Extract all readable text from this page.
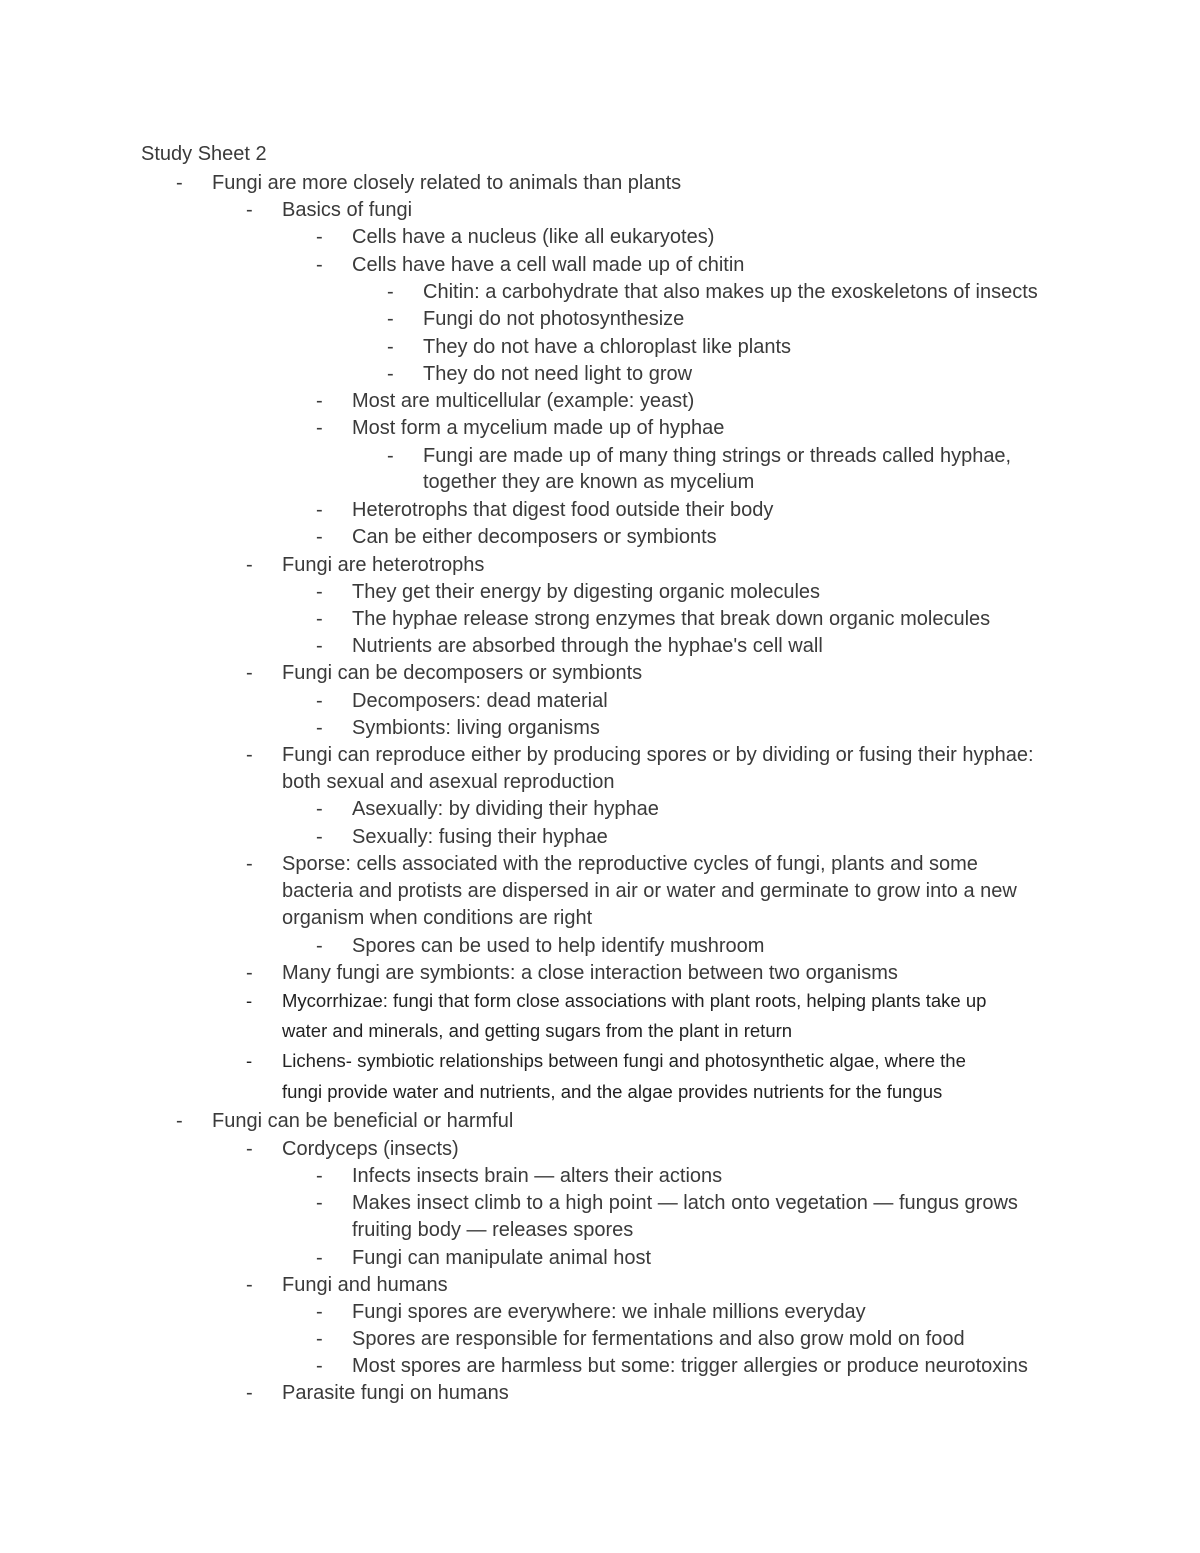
Study Sheet 2
- Fungi are more closely related to animals than plants
- Basics of fungi
- Cells have a nucleus (like all eukaryotes)
- Cells have have a cell wall made up of chitin
- Chitin: a carbohydrate that also makes up the exoskeletons of insects
- Fungi do not photosynthesize
- They do not have a chloroplast like plants
- They do not need light to grow
- Most are multicellular (example: yeast)
- Most form a mycelium made up of hyphae
- Fungi are made up of many thing strings or threads called hyphae,
together they are known as mycelium
- Heterotrophs that digest food outside their body
- Can be either decomposers or symbionts
- Fungi are heterotrophs
- They get their energy by digesting organic molecules
- The hyphae release strong enzymes that break down organic molecules
- Nutrients are absorbed through the hyphae's cell wall
- Fungi can be decomposers or symbionts
- Decomposers: dead material
- Symbionts: living organisms
- Fungi can reproduce either by producing spores or by dividing or fusing their hyphae:
both sexual and asexual reproduction
- Asexually: by dividing their hyphae
- Sexually: fusing their hyphae
- Sporse: cells associated with the reproductive cycles of fungi, plants and some
bacteria and protists are dispersed in air or water and germinate to grow into a new
organism when conditions are right
- Spores can be used to help identify mushroom
- Many fungi are symbionts: a close interaction between two organisms
- Mycorrhizae: fungi that form close associations with plant roots, helping plants take up
water and minerals, and getting sugars from the plant in return
- Lichens- symbiotic relationships between fungi and photosynthetic algae, where the
fungi provide water and nutrients, and the algae provides nutrients for the fungus
- Fungi can be beneficial or harmful
- Cordyceps (insects)
- Infects insects brain — alters their actions
- Makes insect climb to a high point — latch onto vegetation — fungus grows
fruiting body — releases spores
- Fungi can manipulate animal host
- Fungi and humans
- Fungi spores are everywhere: we inhale millions everyday
- Spores are responsible for fermentations and also grow mold on food
- Most spores are harmless but some: trigger allergies or produce neurotoxins
- Parasite fungi on humans
